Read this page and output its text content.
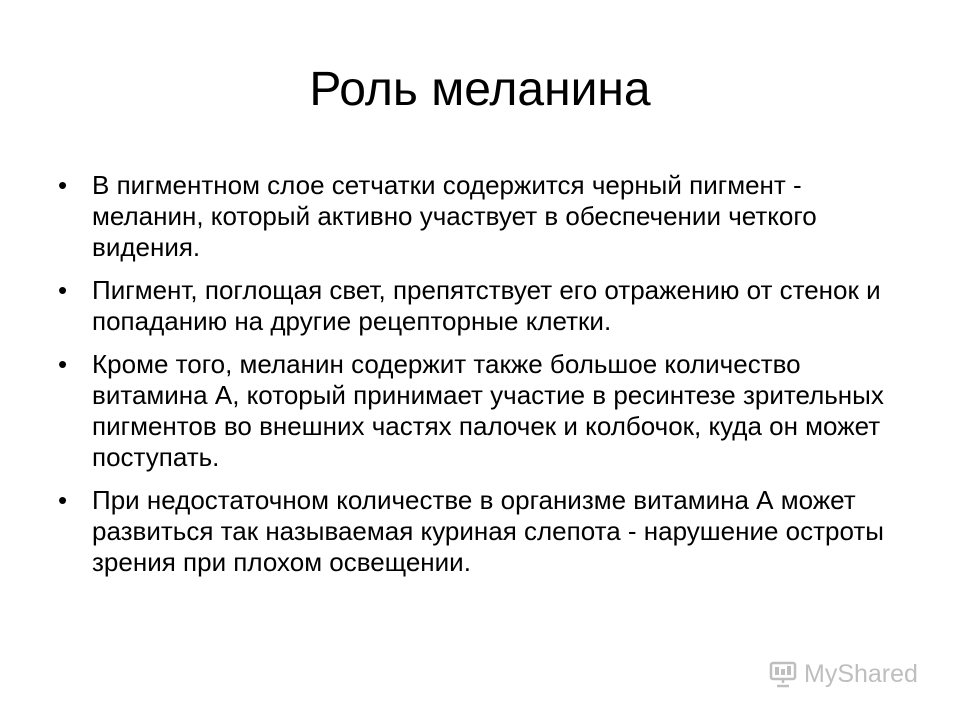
Роль меланина
• В пигментном слое сетчатки содержится черный пигмент - меланин, который активно участвует в обеспечении четкого видения.
• Пигмент, поглощая свет, препятствует его отражению от стенок и попаданию на другие рецепторные клетки.
• Кроме того, меланин содержит также большое количество витамина А, который принимает участие в ресинтезе зрительных пигментов во внешних частях палочек и колбочок, куда он может поступать.
• При недостаточном количестве в организме витамина А может развиться так называемая куриная слепота - нарушение остроты зрения при плохом освещении.
MyShared
